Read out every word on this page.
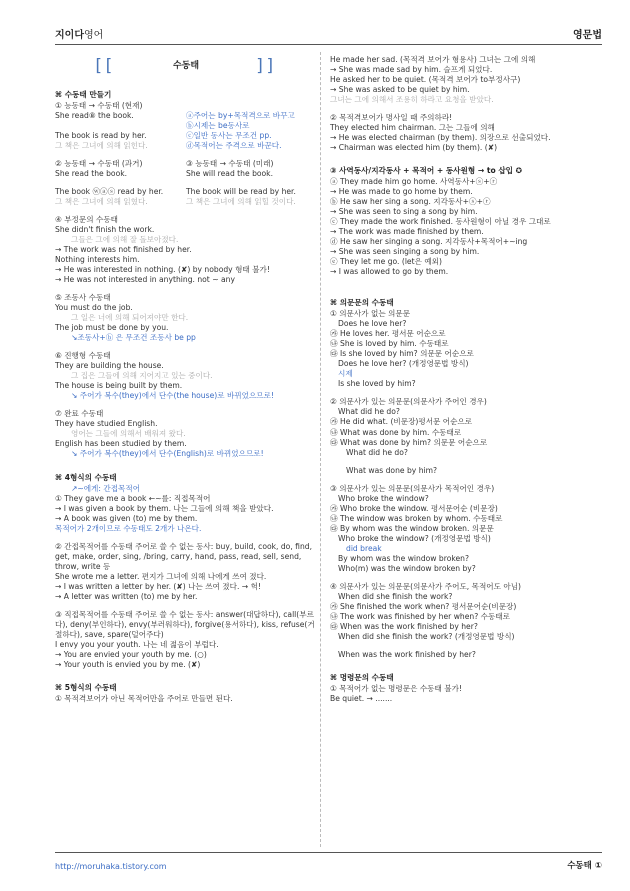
지이다영어	영문법
[[	수동태	]]
⌘ 수동태 만들기
① 능동태 → 수동태 (현재)
She read⑧ the book.	ⓐ주어는 by+목적격으로 바꾸고
ⓑ시제는 be동사로
The book is read by her.	ⓒ일반 동사는 무조건 pp.
그 책은 그녀에 의해 읽힌다.	ⓓ목적어는 주격으로 바꾼다.
② 능동태 → 수동태 (과거)	③ 능동태 → 수동태 (미래)
She read the book.	She will read the book.
The book ⓦⓐⓢ read by her.	The book will be read by her.
그 책은 그녀에 의해 읽혔다.	그 책은 그녀에 의해 읽힐 것이다.
④ 부정문의 수동태
She didn't finish the work.
그들은 그에 의해 잘 돌보아졌다.
→ The work was not finished by her.
Nothing interests him.
→ He was interested in nothing. (✘) by nobody 형태 불가!
→ He was not interested in anything. not ~ any
⑤ 조동사 수동태
You must do the job.
그 일은 너에 의해 되어져야만 한다.
The job must be done by you.
↘조동사+ⓑ 은 무조건 조동사 be pp
⑥ 진행형 수동태
They are building the house.
그 집은 그들에 의해 지어지고 있는 중이다.
The house is being built by them.
↘ 주어가 복수(they)에서 단수(the house)로 바뀌었으므로!
⑦ 완료 수동태
They have studied English.
영어는 그들에 의해서 배워져 왔다.
English has been studied by them.
↘ 주어가 복수(they)에서 단수(English)로 바뀌었으므로!
⌘ 4형식의 수동태
↗~에게: 간접목적어
① They gave me a book ←~를: 직접목적어
→ I was given a book by them. 나는 그들에 의해 책을 받았다.
→ A book was given (to) me by them.
목적어가 2개이므로 수동태도 2개가 나온다.
② 간접목적어를 수동태 주어로 쓸 수 없는 동사: buy, build, cook, do, find, get, make, order, sing, /bring, carry, hand, pass, read, sell, send, throw, write 등
She wrote me a letter. 편지가 그녀에 의해 나에게 쓰여 졌다.
→ I was written a letter by her. (✘) 나는 쓰여 졌다. → 헉!
→ A letter was written (to) me by her.
③ 직접목적어를 수동태 주어로 쓸 수 없는 동사: answer(대답하다), call(부르다), deny(부인하다), envy(부러워하다), forgive(용서하다), kiss, refuse(거절하다), save, spare(덜어주다)
I envy you your youth. 나는 네 젊음이 부럽다.
→ You are envied your youth by me. (○)
→ Your youth is envied you by me. (✘)
⌘ 5형식의 수동태
① 목적격보어가 아닌 목적어만을 주어로 만들면 된다.
He made her sad. (목적격 보어가 형용사) 그녀는 그에 의해
→ She was made sad by him. 슬프게 되었다.
He asked her to be quiet. (목적격 보어가 to부정사구)
→ She was asked to be quiet by him.
그녀는 그에 의해서 조용히 하라고 요청을 받았다.
② 목적격보어가 명사일 때 주의하라!
They elected him chairman. 그는 그들에 의해
→ He was elected chairman (by them). 의장으로 선출되었다.
→ Chairman was elected him (by them). (✘)
③ 사역동사/지각동사 + 목적어 + 동사원형 → to 삽입 ✪
ⓐ They made him go home. 사역동사+ⓢ+ⓡ
→ He was made to go home by them.
ⓑ He saw her sing a song. 지각동사+ⓢ+ⓡ
→ She was seen to sing a song by him.
ⓒ They made the work finished. 동사원형이 아닐 경우 그대로
→ The work was made finished by them.
ⓓ He saw her singing a song. 지각동사+목적어+~ing
→ She was seen singing a song by him.
ⓔ They let me go. (let은 예외)
→ I was allowed to go by them.
⌘ 의문문의 수동태
① 의문사가 없는 의문문
Does he love her?
㉮ He loves her. 평서문 어순으로
㉯ She is loved by him. 수동태로
㉰ Is she loved by him? 의문문 어순으로
Does he love her? (개정영문법 방식)
시제
Is she loved by him?
② 의문사가 있는 의문문(의문사가 주어인 경우)
What did he do?
㉮ He did what. (비문장)평서문 어순으로
㉯ What was done by him. 수동태로
㉰ What was done by him? 의문문 어순으로
What did he do?
What was done by him?
③ 의문사가 있는 의문문(의문사가 목적어인 경우)
Who broke the window?
㉮ Who broke the window. 평서문어순 (비문장)
㉯ The window was broken by whom. 수동태로
㉰ By whom was the window broken. 의문문
Who broke the window? (개정영문법 방식)
did break
By whom was the window broken?
Who(m) was the window broken by?
④ 의문사가 있는 의문문(의문사가 주어도, 목적어도 아님)
When did she finish the work?
㉮ She finished the work when? 평서문어순(비문장)
㉯ The work was finished by her when? 수동태로
㉰ When was the work finished by her?
When did she finish the work? (개정영문법 방식)
When was the work finished by her?
⌘ 명령문의 수동태
① 목적어가 없는 명령문은 수동태 불가!
Be quiet. → .......
http://moruhaka.tistory.com	수동태 ①
